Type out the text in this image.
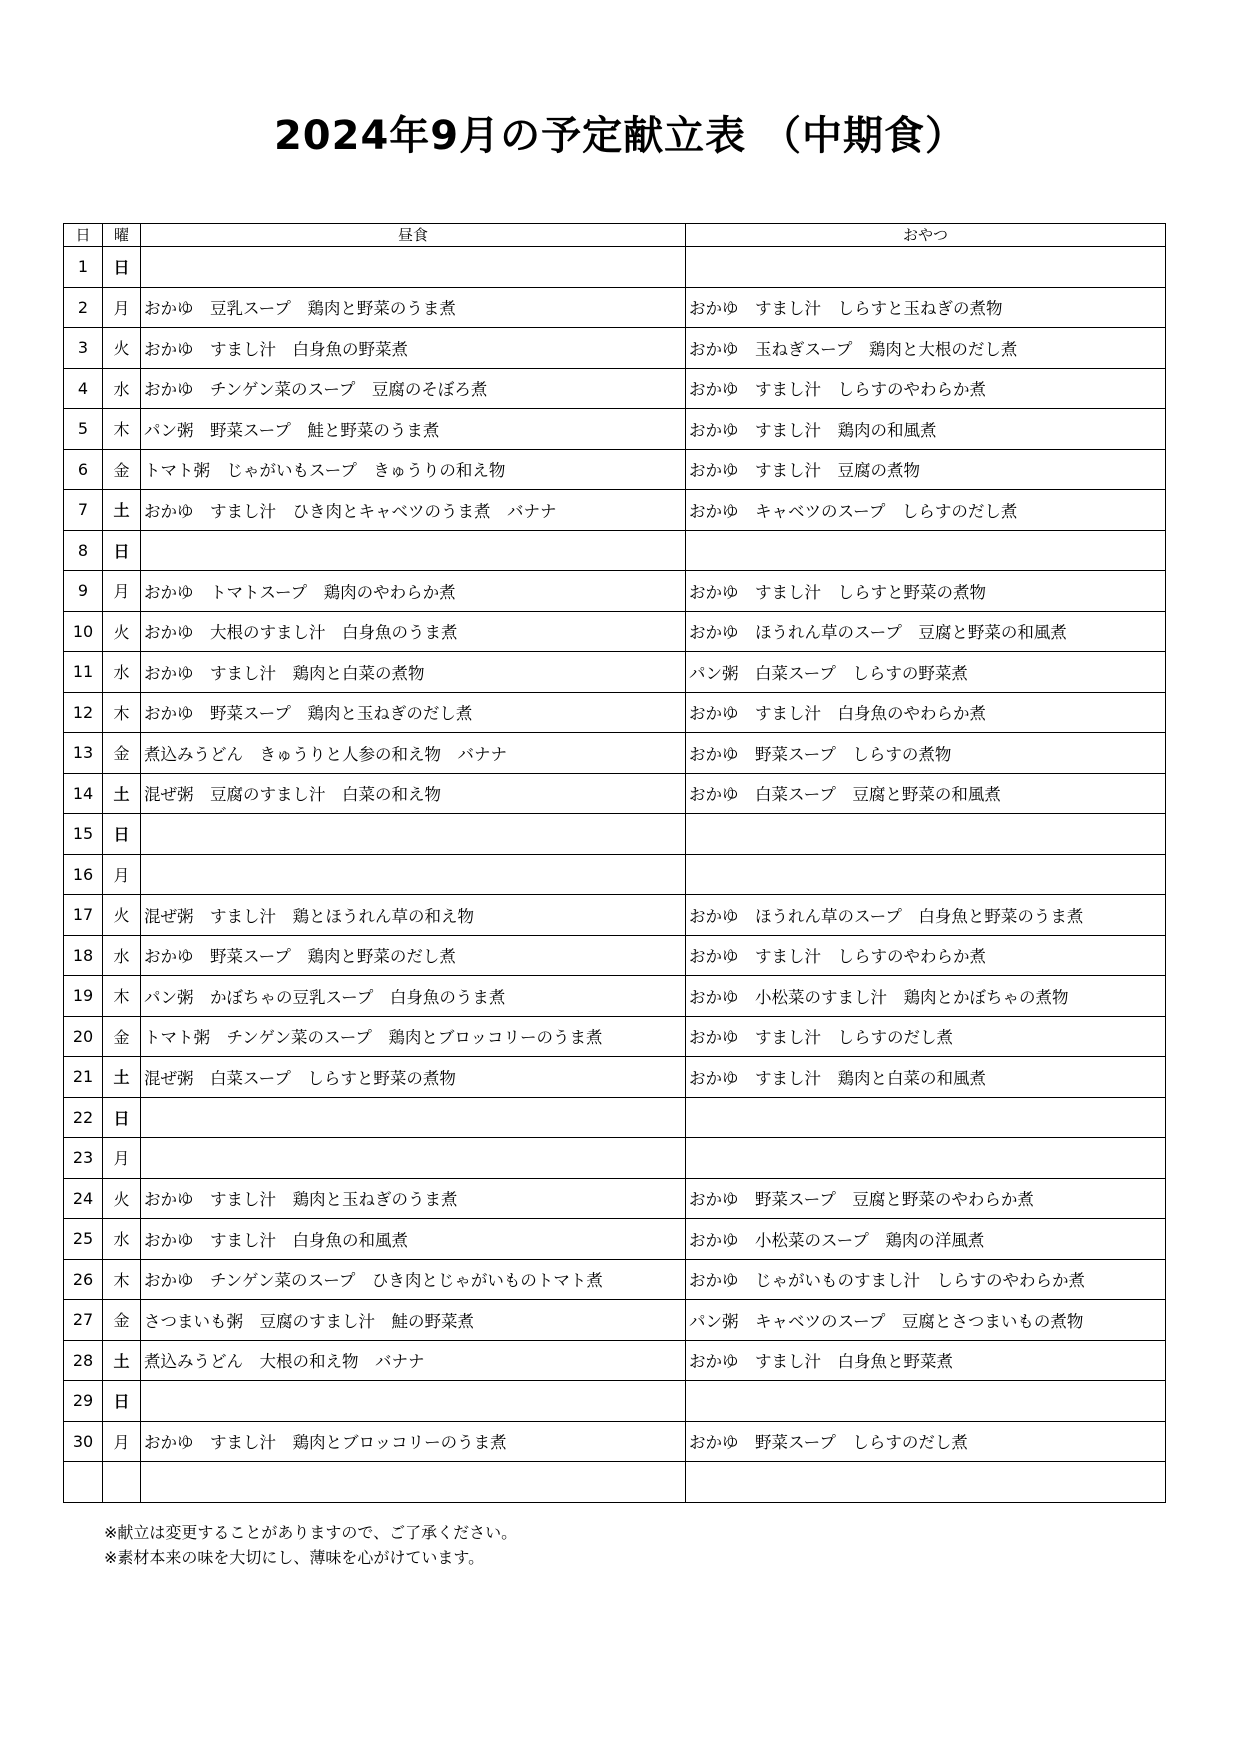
2024年9月の予定献立表 （中期食）
日	曜	昼食	おやつ
1	日		
2	月	おかゆ　豆乳スープ　鶏肉と野菜のうま煮	おかゆ　すまし汁　しらすと玉ねぎの煮物
3	火	おかゆ　すまし汁　白身魚の野菜煮	おかゆ　玉ねぎスープ　鶏肉と大根のだし煮
4	水	おかゆ　チンゲン菜のスープ　豆腐のそぼろ煮	おかゆ　すまし汁　しらすのやわらか煮
5	木	パン粥　野菜スープ　鮭と野菜のうま煮	おかゆ　すまし汁　鶏肉の和風煮
6	金	トマト粥　じゃがいもスープ　きゅうりの和え物	おかゆ　すまし汁　豆腐の煮物
7	土	おかゆ　すまし汁　ひき肉とキャベツのうま煮　バナナ	おかゆ　キャベツのスープ　しらすのだし煮
8	日		
9	月	おかゆ　トマトスープ　鶏肉のやわらか煮	おかゆ　すまし汁　しらすと野菜の煮物
10	火	おかゆ　大根のすまし汁　白身魚のうま煮	おかゆ　ほうれん草のスープ　豆腐と野菜の和風煮
11	水	おかゆ　すまし汁　鶏肉と白菜の煮物	パン粥　白菜スープ　しらすの野菜煮
12	木	おかゆ　野菜スープ　鶏肉と玉ねぎのだし煮	おかゆ　すまし汁　白身魚のやわらか煮
13	金	煮込みうどん　きゅうりと人参の和え物　バナナ	おかゆ　野菜スープ　しらすの煮物
14	土	混ぜ粥　豆腐のすまし汁　白菜の和え物	おかゆ　白菜スープ　豆腐と野菜の和風煮
15	日		
16	月		
17	火	混ぜ粥　すまし汁　鶏とほうれん草の和え物	おかゆ　ほうれん草のスープ　白身魚と野菜のうま煮
18	水	おかゆ　野菜スープ　鶏肉と野菜のだし煮	おかゆ　すまし汁　しらすのやわらか煮
19	木	パン粥　かぼちゃの豆乳スープ　白身魚のうま煮	おかゆ　小松菜のすまし汁　鶏肉とかぼちゃの煮物
20	金	トマト粥　チンゲン菜のスープ　鶏肉とブロッコリーのうま煮	おかゆ　すまし汁　しらすのだし煮
21	土	混ぜ粥　白菜スープ　しらすと野菜の煮物	おかゆ　すまし汁　鶏肉と白菜の和風煮
22	日		
23	月		
24	火	おかゆ　すまし汁　鶏肉と玉ねぎのうま煮	おかゆ　野菜スープ　豆腐と野菜のやわらか煮
25	水	おかゆ　すまし汁　白身魚の和風煮	おかゆ　小松菜のスープ　鶏肉の洋風煮
26	木	おかゆ　チンゲン菜のスープ　ひき肉とじゃがいものトマト煮	おかゆ　じゃがいものすまし汁　しらすのやわらか煮
27	金	さつまいも粥　豆腐のすまし汁　鮭の野菜煮	パン粥　キャベツのスープ　豆腐とさつまいもの煮物
28	土	煮込みうどん　大根の和え物　バナナ	おかゆ　すまし汁　白身魚と野菜煮
29	日		
30	月	おかゆ　すまし汁　鶏肉とブロッコリーのうま煮	おかゆ　野菜スープ　しらすのだし煮

※献立は変更することがありますので、ご了承ください。
※素材本来の味を大切にし、薄味を心がけています。
